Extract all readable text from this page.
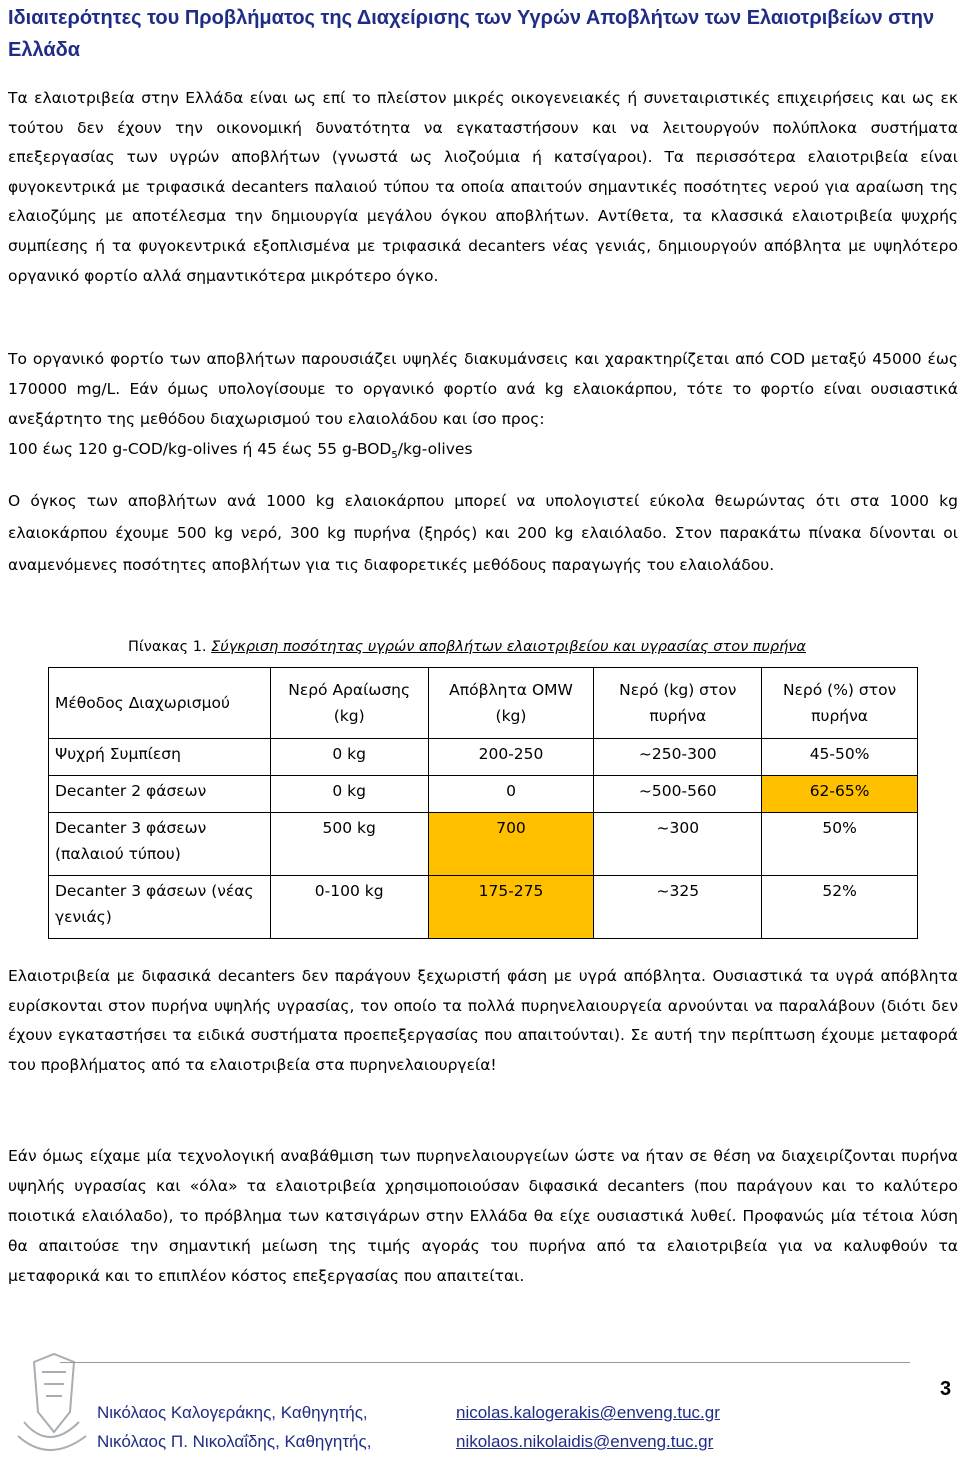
Ιδιαιτερότητες του Προβλήματος της Διαχείρισης των Υγρών Αποβλήτων των Ελαιοτριβείων στην Ελλάδα

Τα ελαιοτριβεία στην Ελλάδα είναι ως επί το πλείστον μικρές οικογενειακές ή συνεταιριστικές επιχειρήσεις και ως εκ τούτου δεν έχουν την οικονομική δυνατότητα να εγκαταστήσουν και να λειτουργούν πολύπλοκα συστήματα επεξεργασίας των υγρών αποβλήτων (γνωστά ως λιοζούμια ή κατσίγαροι). Τα περισσότερα ελαιοτριβεία είναι φυγοκεντρικά με τριφασικά decanters παλαιού τύπου τα οποία απαιτούν σημαντικές ποσότητες νερού για αραίωση της ελαιοζύμης με αποτέλεσμα την δημιουργία μεγάλου όγκου αποβλήτων. Αντίθετα, τα κλασσικά ελαιοτριβεία ψυχρής συμπίεσης ή τα φυγοκεντρικά εξοπλισμένα με τριφασικά decanters νέας γενιάς, δημιουργούν απόβλητα με υψηλότερο οργανικό φορτίο αλλά σημαντικότερα μικρότερο όγκο.

Το οργανικό φορτίο των αποβλήτων παρουσιάζει υψηλές διακυμάνσεις και χαρακτηρίζεται από COD μεταξύ 45000 έως 170000 mg/L. Εάν όμως υπολογίσουμε το οργανικό φορτίο ανά kg ελαιοκάρπου, τότε το φορτίο είναι ουσιαστικά ανεξάρτητο της μεθόδου διαχωρισμού του ελαιολάδου και ίσο προς:
100 έως 120 g-COD/kg-olives ή 45 έως 55 $g-BOD_5/kg$-olives

Ο όγκος των αποβλήτων ανά 1000 kg ελαιοκάρπου μπορεί να υπολογιστεί εύκολα θεωρώντας ότι στα 1000 kg ελαιοκάρπου έχουμε 500 kg νερό, 300 kg πυρήνα (ξηρός) και 200 kg ελαιόλαδο. Στον παρακάτω πίνακα δίνονται οι αναμενόμενες ποσότητες αποβλήτων για τις διαφορετικές μεθόδους παραγωγής του ελαιολάδου.

Πίνακας 1. Σύγκριση ποσότητας υγρών αποβλήτων ελαιοτριβείου και υγρασίας στον πυρήνα
Μέθοδος Διαχωρισμού	Νερό Αραίωσης (kg)	Απόβλητα OMW (kg)	Νερό (kg) στον πυρήνα	Νερό (%) στον πυρήνα
Ψυχρή Συμπίεση	0 kg	200-250	~250-300	45-50%
Decanter 2 φάσεων	0 kg	0	~500-560	62-65%
Decanter 3 φάσεων (παλαιού τύπου)	500 kg	700	~300	50%
Decanter 3 φάσεων (νέας γενιάς)	0-100 kg	175-275	~325	52%

Ελαιοτριβεία με διφασικά decanters δεν παράγουν ξεχωριστή φάση με υγρά απόβλητα. Ουσιαστικά τα υγρά απόβλητα ευρίσκονται στον πυρήνα υψηλής υγρασίας, τον οποίο τα πολλά πυρηνελαιουργεία αρνούνται να παραλάβουν (διότι δεν έχουν εγκαταστήσει τα ειδικά συστήματα προεπεξεργασίας που απαιτούνται). Σε αυτή την περίπτωση έχουμε μεταφορά του προβλήματος από τα ελαιοτριβεία στα πυρηνελαιουργεία!

Εάν όμως είχαμε μία τεχνολογική αναβάθμιση των πυρηνελαιουργείων ώστε να ήταν σε θέση να διαχειρίζονται πυρήνα υψηλής υγρασίας και «όλα» τα ελαιοτριβεία χρησιμοποιούσαν διφασικά decanters (που παράγουν και το καλύτερο ποιοτικά ελαιόλαδο), το πρόβλημα των κατσιγάρων στην Ελλάδα θα είχε ουσιαστικά λυθεί. Προφανώς μία τέτοια λύση θα απαιτούσε την σημαντική μείωση της τιμής αγοράς του πυρήνα από τα ελαιοτριβεία για να καλυφθούν τα μεταφορικά και το επιπλέον κόστος επεξεργασίας που απαιτείται.

Νικόλαος Καλογεράκης, Καθηγητής,
Νικόλαος Π. Νικολαΐδης, Καθηγητής,
nicolas.kalogerakis@enveng.tuc.gr
nikolaos.nikolaidis@enveng.tuc.gr
3
